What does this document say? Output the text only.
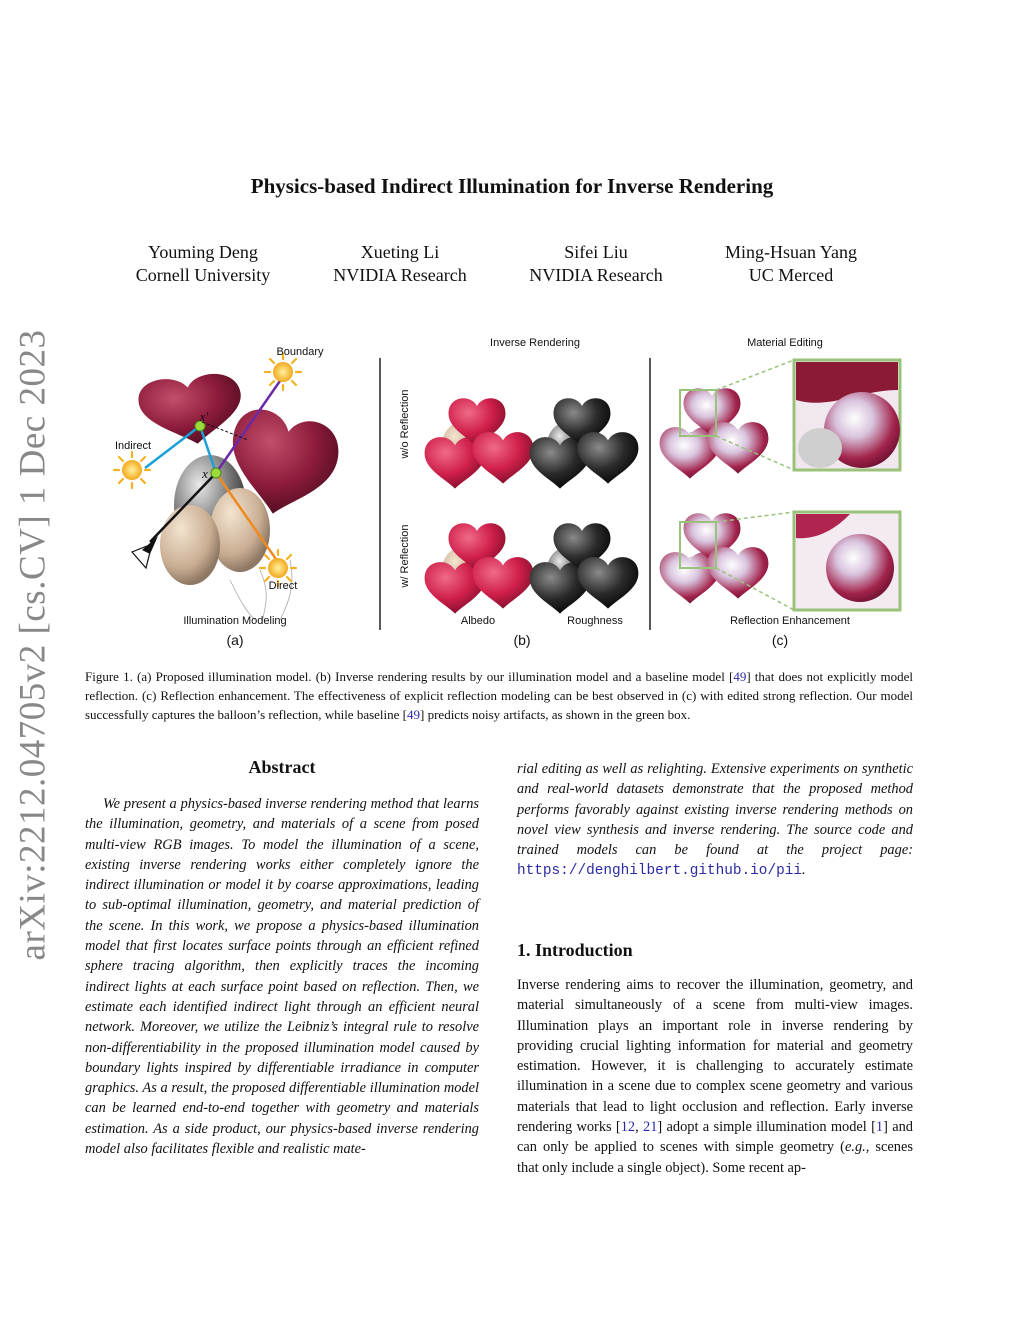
arXiv:2212.04705v2 [cs.CV] 1 Dec 2023
Physics-based Indirect Illumination for Inverse Rendering
Youming Deng
Cornell University
Xueting Li
NVIDIA Research
Sifei Liu
NVIDIA Research
Ming-Hsuan Yang
UC Merced
Boundary
Indirect
Direct
x'
x
Illumination Modeling
(a)
Inverse Rendering
w/o Reflection
w/ Reflection
Albedo	Roughness
(b)
Material Editing
Reflection Enhancement
(c)
Figure 1. (a) Proposed illumination model. (b) Inverse rendering results by our illumination model and a baseline model [49] that does not explicitly model reflection. (c) Reflection enhancement. The effectiveness of explicit reflection modeling can be best observed in (c) with edited strong reflection. Our model successfully captures the balloon’s reflection, while baseline [49] predicts noisy artifacts, as shown in the green box.
Abstract
We present a physics-based inverse rendering method that learns the illumination, geometry, and materials of a scene from posed multi-view RGB images. To model the illumination of a scene, existing inverse rendering works either completely ignore the indirect illumination or model it by coarse approximations, leading to sub-optimal illumination, geometry, and material prediction of the scene. In this work, we propose a physics-based illumination model that first locates surface points through an efficient refined sphere tracing algorithm, then explicitly traces the incoming indirect lights at each surface point based on reflection. Then, we estimate each identified indirect light through an efficient neural network. Moreover, we utilize the Leibniz’s integral rule to resolve non-differentiability in the proposed illumination model caused by boundary lights inspired by differentiable irradiance in computer graphics. As a result, the proposed differentiable illumination model can be learned end-to-end together with geometry and materials estimation. As a side product, our physics-based inverse rendering model also facilitates flexible and realistic mate-
rial editing as well as relighting. Extensive experiments on synthetic and real-world datasets demonstrate that the proposed method performs favorably against existing inverse rendering methods on novel view synthesis and inverse rendering. The source code and trained models can be found at the project page: https://denghilbert.github.io/pii.
1. Introduction
Inverse rendering aims to recover the illumination, geometry, and material simultaneously of a scene from multi-view images. Illumination plays an important role in inverse rendering by providing crucial lighting information for material and geometry estimation. However, it is challenging to accurately estimate illumination in a scene due to complex scene geometry and various materials that lead to light occlusion and reflection. Early inverse rendering works [12, 21] adopt a simple illumination model [1] and can only be applied to scenes with simple geometry (e.g., scenes that only include a single object). Some recent ap-
